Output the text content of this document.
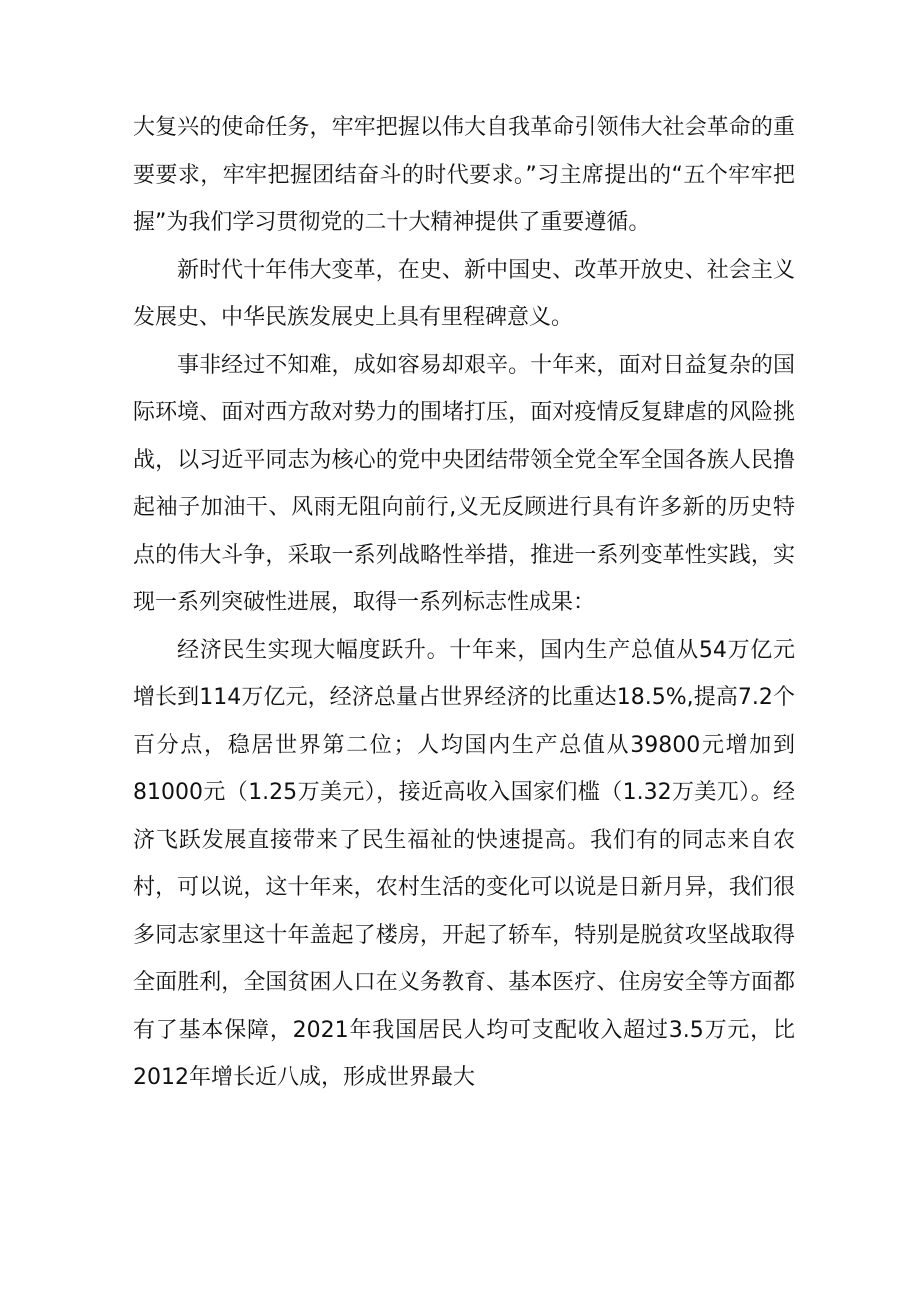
大复兴的使命任务，牢牢把握以伟大自我革命引领伟大社会革命的重要要求，牢牢把握团结奋斗的时代要求。”习主席提出的“五个牢牢把握”为我们学习贯彻党的二十大精神提供了重要遵循。

新时代十年伟大变革，在史、新中国史、改革开放史、社会主义发展史、中华民族发展史上具有里程碑意义。

事非经过不知难，成如容易却艰辛。十年来，面对日益复杂的国际环境、面对西方敌对势力的围堵打压，面对疫情反复肆虐的风险挑战，以习近平同志为核心的党中央团结带领全党全军全国各族人民撸起袖子加油干、风雨无阻向前行,义无反顾进行具有许多新的历史特点的伟大斗争，采取一系列战略性举措，推进一系列变革性实践，实现一系列突破性进展，取得一系列标志性成果：

经济民生实现大幅度跃升。十年来，国内生产总值从54万亿元增长到114万亿元，经济总量占世界经济的比重达18.5%,提高7.2个百分点，稳居世界第二位；人均国内生产总值从39800元增加到81000元（1.25万美元），接近高收入国家们槛（1.32万美兀）。经济飞跃发展直接带来了民生福祉的快速提高。我们有的同志来自农村，可以说，这十年来，农村生活的变化可以说是日新月异，我们很多同志家里这十年盖起了楼房，开起了轿车，特别是脱贫攻坚战取得全面胜利，全国贫困人口在义务教育、基本医疗、住房安全等方面都有了基本保障，2021年我国居民人均可支配收入超过3.5万元，比2012年增长近八成，形成世界最大
